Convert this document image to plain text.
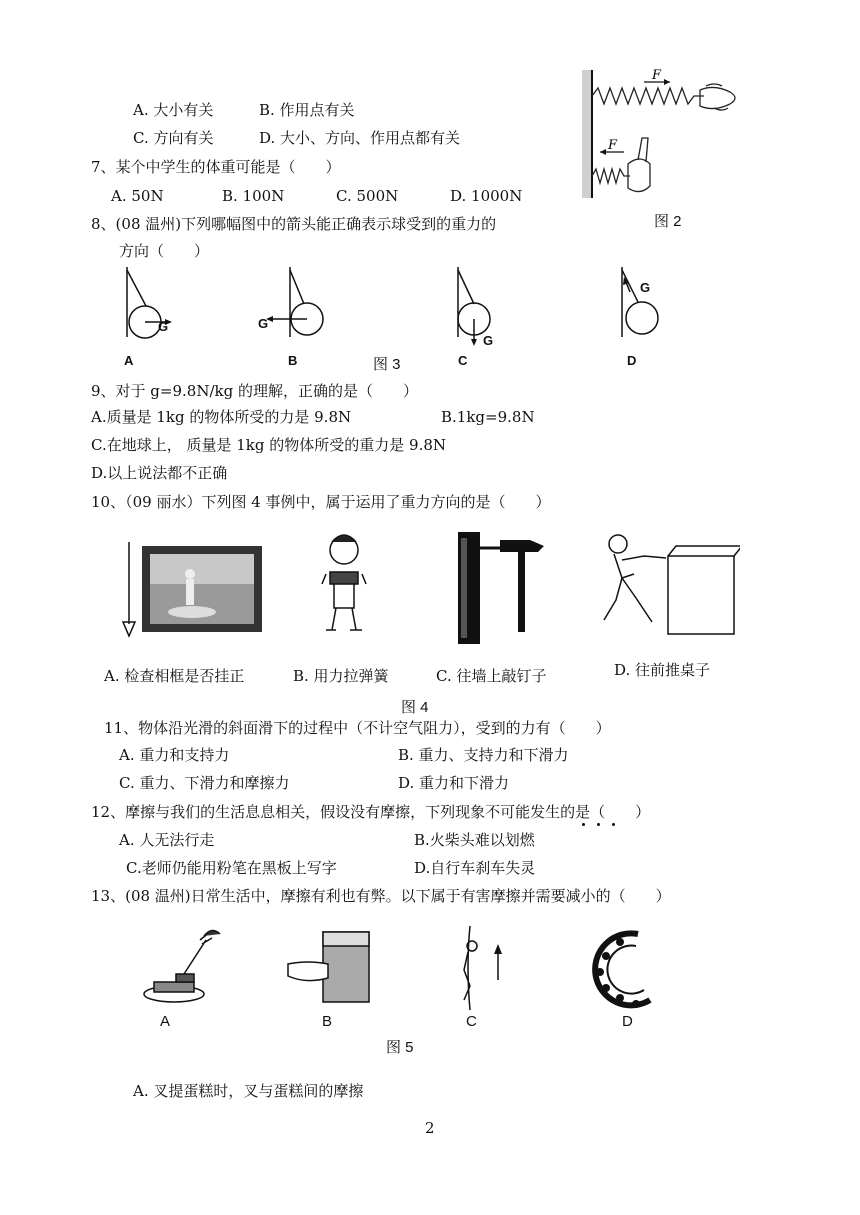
A. 大小有关	B. 作用点有关
C. 方向有关	D. 大小、方向、作用点都有关
7、某个中学生的体重可能是（　　）
A. 50N	B. 100N	C. 500N	D. 1000N
F
F
图 2
8、(08 温州)下列哪幅图中的箭头能正确表示球受到的重力的
方向（　　）
G	G
G
G
A	B	C	D
图 3
9、对于 g=9.8N/kg 的理解，正确的是（　　）
A.质量是 1kg 的物体所受的力是 9.8N	B.1kg=9.8N
C.在地球上， 质量是 1kg 的物体所受的重力是 9.8N
D.以上说法都不正确
10、（09 丽水）下列图 4 事例中，属于运用了重力方向的是（　　）
A. 检查相框是否挂正	B. 用力拉弹簧	C. 往墙上敲钉子	D. 往前推桌子
图 4
11、物体沿光滑的斜面滑下的过程中（不计空气阻力），受到的力有（　　）
A. 重力和支持力	B. 重力、支持力和下滑力
C. 重力、下滑力和摩擦力	D. 重力和下滑力
12、摩擦与我们的生活息息相关，假设没有摩擦，下列现象不可能发生的是（　　）
A. 人无法行走	B.火柴头难以划燃
C.老师仍能用粉笔在黑板上写字	D.自行车刹车失灵
13、(08 温州)日常生活中，摩擦有利也有弊。以下属于有害摩擦并需要减小的（　　）
A	B	C	D
图 5
A. 叉提蛋糕时，叉与蛋糕间的摩擦
2
